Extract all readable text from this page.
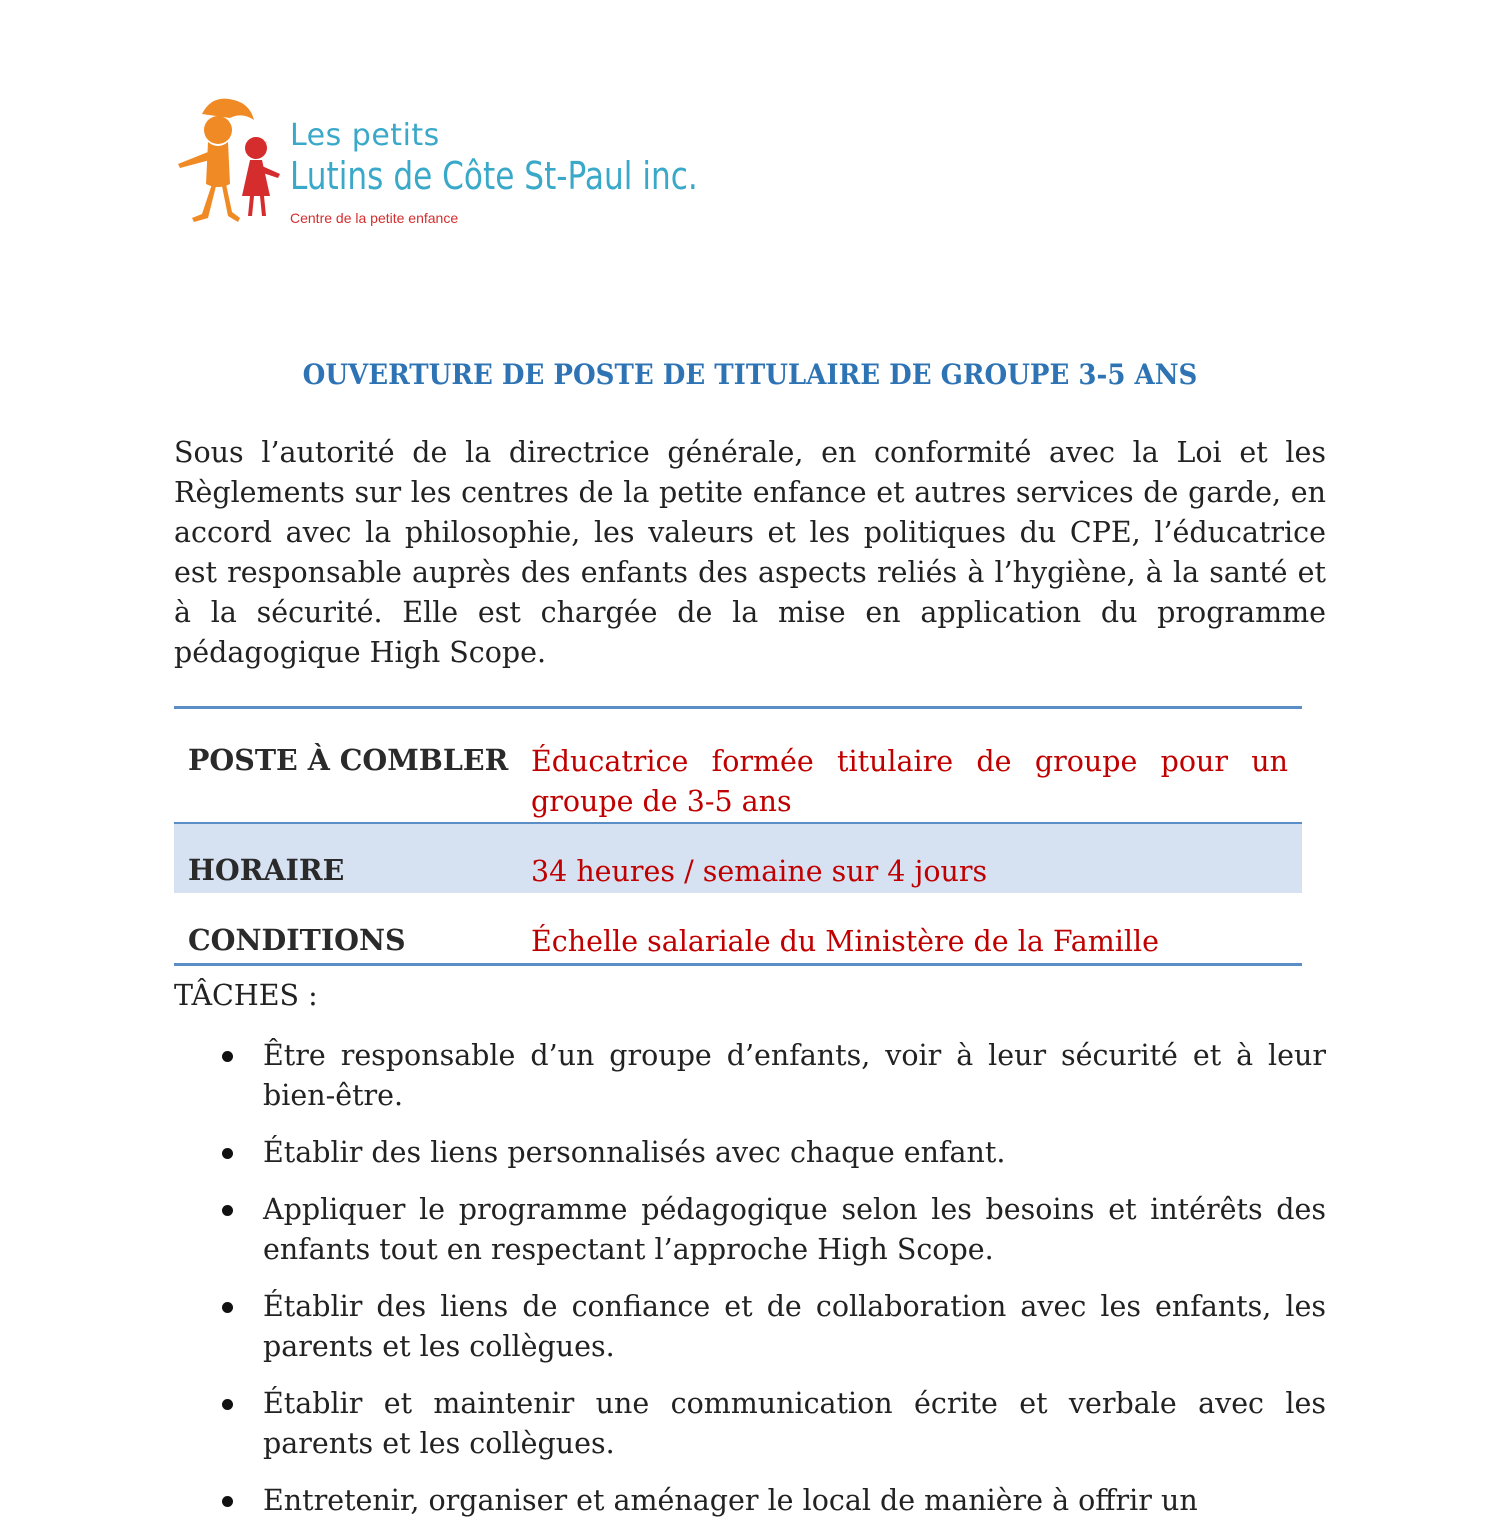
Les petits
Lutins de Côte St-Paul inc.
Centre de la petite enfance
OUVERTURE DE POSTE DE TITULAIRE DE GROUPE 3-5 ANS
Sous l’autorité de la directrice générale, en conformité avec la Loi et les Règlements sur les centres de la petite enfance et autres services de garde, en accord avec la philosophie, les valeurs et les politiques du CPE, l’éducatrice est responsable auprès des enfants des aspects reliés à l’hygiène, à la santé et à la sécurité. Elle est chargée de la mise en application du programme pédagogique High Scope.
POSTE À COMBLER Éducatrice formée titulaire de groupe pour un groupe de 3-5 ans
HORAIRE	34 heures / semaine sur 4 jours
CONDITIONS	Échelle salariale du Ministère de la Famille
TÂCHES :
Être responsable d’un groupe d’enfants, voir à leur sécurité et à leur bien-être.
Établir des liens personnalisés avec chaque enfant.
Appliquer le programme pédagogique selon les besoins et intérêts des enfants tout en respectant l’approche High Scope.
Établir des liens de confiance et de collaboration avec les enfants, les parents et les collègues.
Établir et maintenir une communication écrite et verbale avec les parents et les collègues.
Entretenir, organiser et aménager le local de manière à offrir un
